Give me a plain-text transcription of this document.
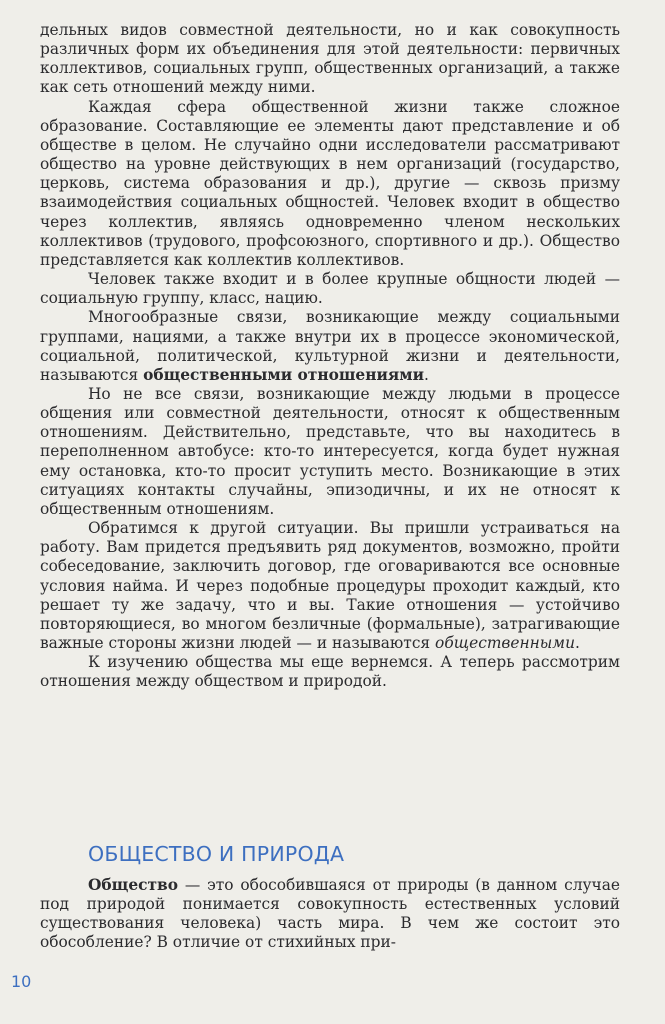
дельных видов совместной деятельности, но и как совокупность различных форм их объединения для этой деятельности: первичных коллективов, социальных групп, общественных организаций, а также как сеть отношений между ними.

Каждая сфера общественной жизни также сложное образование. Составляющие ее элементы дают представление и об обществе в целом. Не случайно одни исследователи рассматривают общество на уровне действующих в нем организаций (государство, церковь, система образования и др.), другие — сквозь призму взаимодействия социальных общностей. Человек входит в общество через коллектив, являясь одновременно членом нескольких коллективов (трудового, профсоюзного, спортивного и др.). Общество представляется как коллектив коллективов.

Человек также входит и в более крупные общности людей — социальную группу, класс, нацию.

Многообразные связи, возникающие между социальными группами, нациями, а также внутри их в процессе экономической, социальной, политической, культурной жизни и деятельности, называются общественными отношениями.

Но не все связи, возникающие между людьми в процессе общения или совместной деятельности, относят к общественным отношениям. Действительно, представьте, что вы находитесь в переполненном автобусе: кто-то интересуется, когда будет нужная ему остановка, кто-то просит уступить место. Возникающие в этих ситуациях контакты случайны, эпизодичны, и их не относят к общественным отношениям.

Обратимся к другой ситуации. Вы пришли устраиваться на работу. Вам придется предъявить ряд документов, возможно, пройти собеседование, заключить договор, где оговариваются все основные условия найма. И через подобные процедуры проходит каждый, кто решает ту же задачу, что и вы. Такие отношения — устойчиво повторяющиеся, во многом безличные (формальные), затрагивающие важные стороны жизни людей — и называются общественными.

К изучению общества мы еще вернемся. А теперь рассмотрим отношения между обществом и природой.

ОБЩЕСТВО И ПРИРОДА

Общество — это обособившаяся от природы (в данном случае под природой понимается совокупность естественных условий существования человека) часть мира. В чем же состоит это обособление? В отличие от стихийных при-

10
